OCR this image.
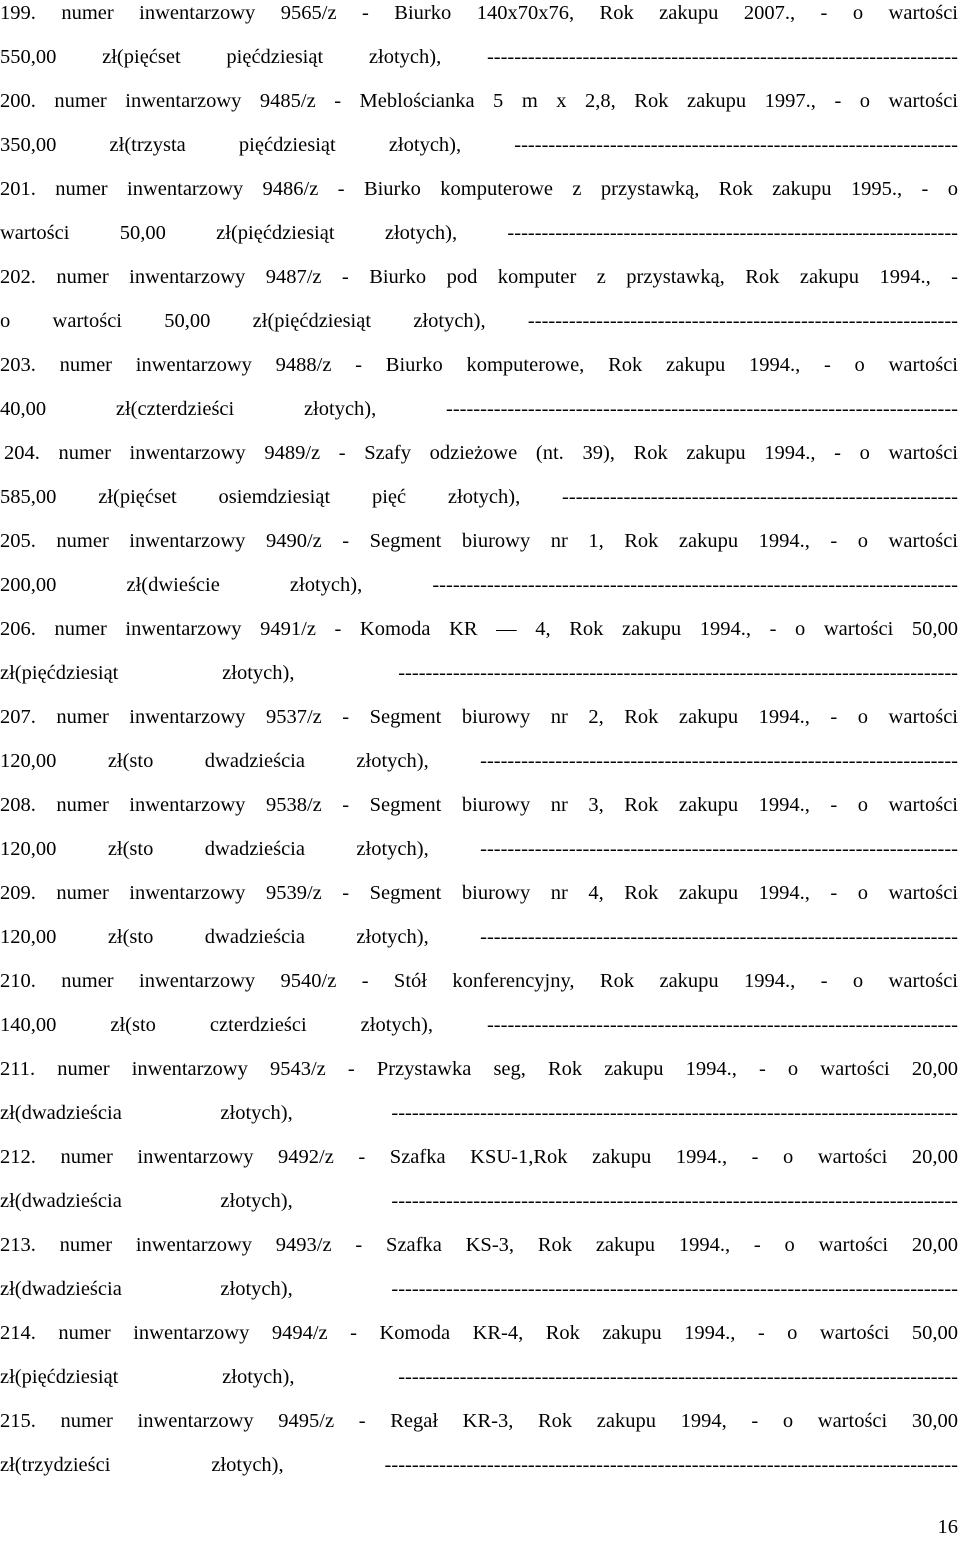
199. numer inwentarzowy 9565/z - Biurko 140x70x76, Rok zakupu 2007., - o wartości
550,00 zł(pięćset pięćdziesiąt złotych), ---------------------------------------------------------------------
200. numer inwentarzowy 9485/z - Meblościanka 5 m x 2,8, Rok zakupu 1997., - o wartości
350,00 zł(trzysta pięćdziesiąt złotych), -----------------------------------------------------------------
201. numer inwentarzowy 9486/z - Biurko komputerowe z przystawką, Rok zakupu 1995., - o
wartości 50,00 zł(pięćdziesiąt złotych), ------------------------------------------------------------------
202. numer inwentarzowy 9487/z - Biurko pod komputer z przystawką, Rok zakupu 1994., -
o wartości 50,00 zł(pięćdziesiąt złotych), ---------------------------------------------------------------
203. numer inwentarzowy 9488/z - Biurko komputerowe, Rok zakupu 1994., - o wartości
40,00 zł(czterdzieści złotych), ---------------------------------------------------------------------------
204. numer inwentarzowy 9489/z - Szafy odzieżowe (nt. 39), Rok zakupu 1994., - o wartości
585,00 zł(pięćset osiemdziesiąt pięć złotych), ----------------------------------------------------------
205. numer inwentarzowy 9490/z - Segment biurowy nr 1, Rok zakupu 1994., - o wartości
200,00 zł(dwieście złotych), -----------------------------------------------------------------------------
206. numer inwentarzowy 9491/z - Komoda KR — 4, Rok zakupu 1994., - o wartości 50,00
zł(pięćdziesiąt złotych), ----------------------------------------------------------------------------------
207. numer inwentarzowy 9537/z - Segment biurowy nr 2, Rok zakupu 1994., - o wartości
120,00 zł(sto dwadzieścia złotych), ----------------------------------------------------------------------
208. numer inwentarzowy 9538/z - Segment biurowy nr 3, Rok zakupu 1994., - o wartości
120,00 zł(sto dwadzieścia złotych), ----------------------------------------------------------------------
209. numer inwentarzowy 9539/z - Segment biurowy nr 4, Rok zakupu 1994., - o wartości
120,00 zł(sto dwadzieścia złotych), ----------------------------------------------------------------------
210. numer inwentarzowy 9540/z - Stół konferencyjny, Rok zakupu 1994., - o wartości
140,00 zł(sto czterdzieści złotych), ---------------------------------------------------------------------
211. numer inwentarzowy 9543/z - Przystawka seg, Rok zakupu 1994., - o wartości 20,00
zł(dwadzieścia złotych), -----------------------------------------------------------------------------------
212. numer inwentarzowy 9492/z - Szafka KSU-1,Rok zakupu 1994., - o wartości 20,00
zł(dwadzieścia złotych), -----------------------------------------------------------------------------------
213. numer inwentarzowy 9493/z - Szafka KS-3, Rok zakupu 1994., - o wartości 20,00
zł(dwadzieścia złotych), -----------------------------------------------------------------------------------
214. numer inwentarzowy 9494/z - Komoda KR-4, Rok zakupu 1994., - o wartości 50,00
zł(pięćdziesiąt złotych), ----------------------------------------------------------------------------------
215. numer inwentarzowy 9495/z - Regał KR-3, Rok zakupu 1994, - o wartości 30,00
zł(trzydzieści złotych), ------------------------------------------------------------------------------------
16
